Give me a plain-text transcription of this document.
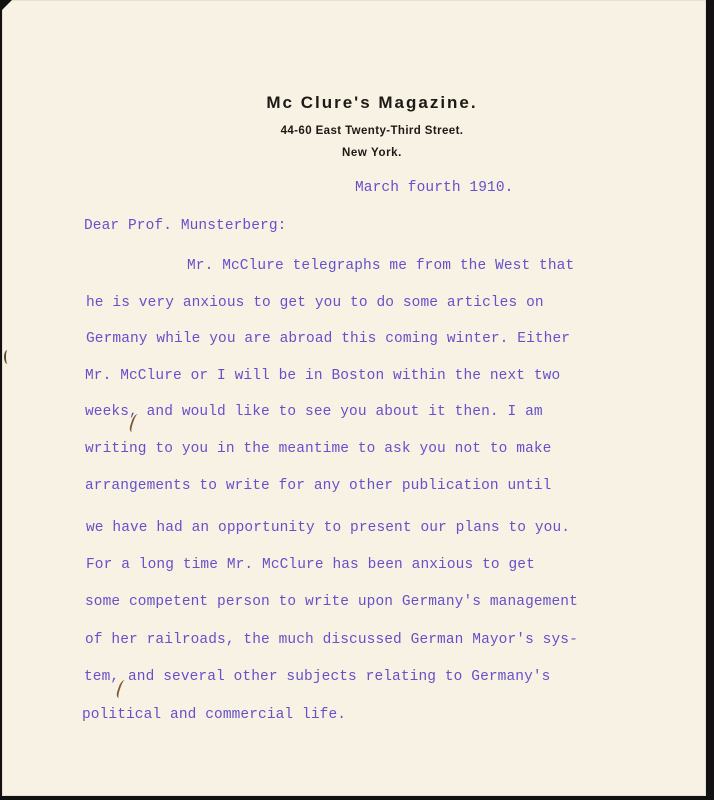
Mc Clure's Magazine.
44-60 East Twenty-Third Street.
New York.
March fourth 1910.
Dear Prof. Munsterberg:
Mr. McClure telegraphs me from the West that
he is very anxious to get you to do some articles on
Germany while you are abroad this coming winter. Either
Mr. McClure or I will be in Boston within the next two
weeks, and would like to see you about it then. I am
writing to you in the meantime to ask you not to make
arrangements to write for any other publication until
we have had an opportunity to present our plans to you.
For a long time Mr. McClure has been anxious to get
some competent person to write upon Germany's management
of her railroads, the much discussed German Mayor's sys-
tem, and several other subjects relating to Germany's
political and commercial life.
